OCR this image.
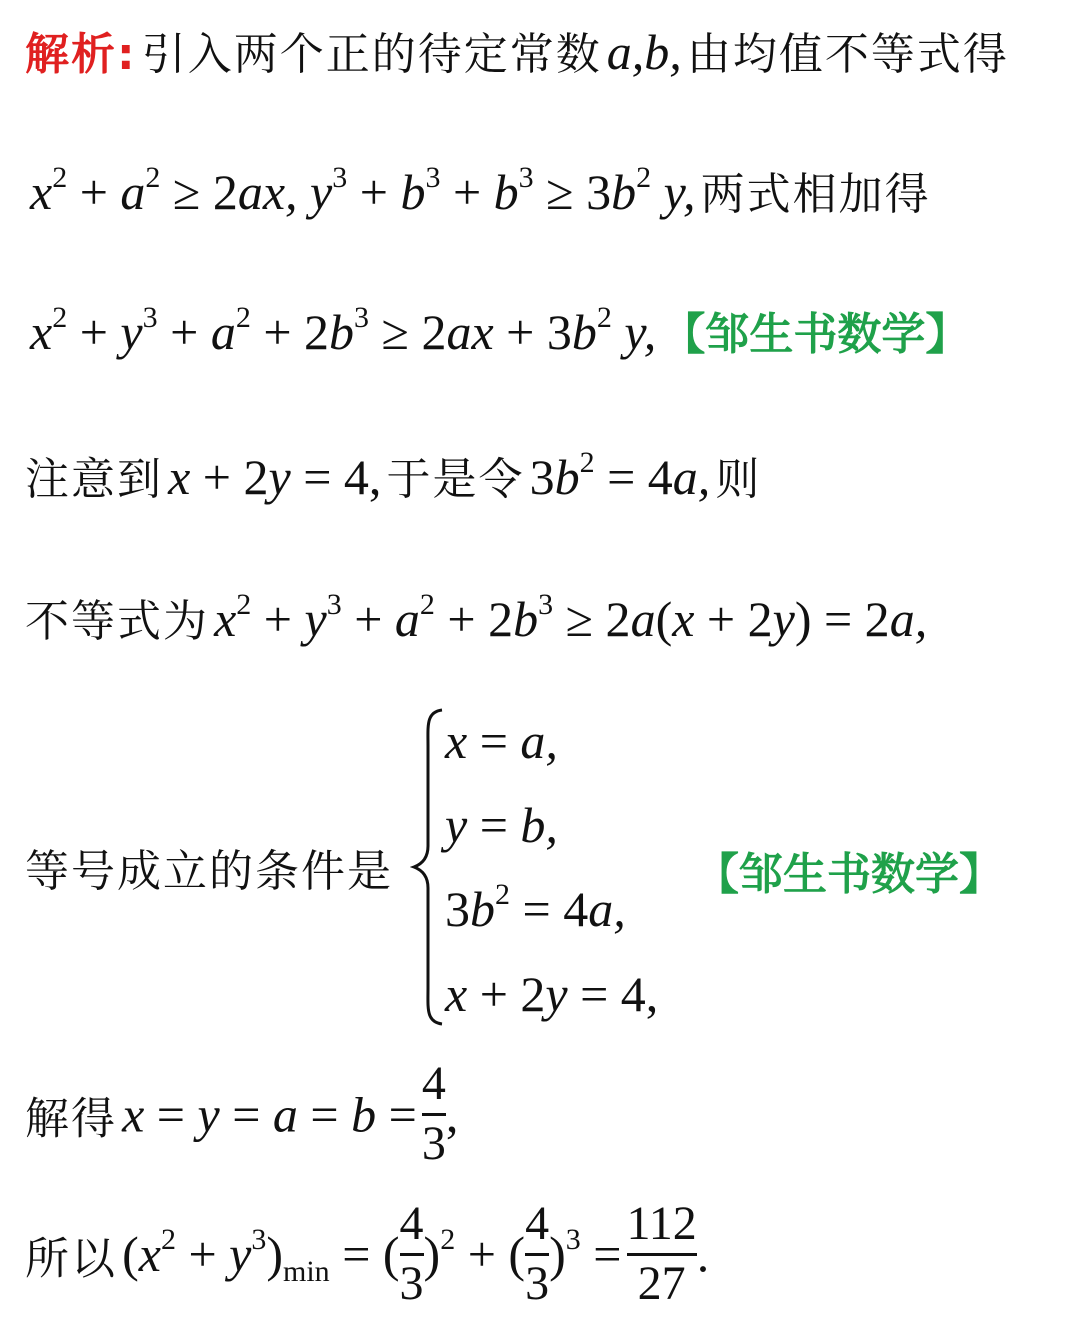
解析: 引入两个正的待定常数 a,b, 由均值不等式得
$x^2 + a^2 \ge 2ax$, $y^3 + b^3 + b^3 \ge 3b^2$ y, 两式相加得
$x^2 + y^3 + a^2 + 2b^3 \ge 2ax + 3b^2$ y, 【邹生书数学】
注意到 x + 2y = 4, 于是令 $3b^2 = 4a$, 则
不等式为 $x^2 + y^3 + a^2 + 2b^3 \ge 2a(x + 2y) = 2a$,
等号成立的条件是
x = a,
y = b,
$3b^2 = 4a$,
x + 2y = 4,
【邹生书数学】
解得 $x = y = a = b = \frac{4}{3}$ ,
所以 $(x^2 + y^3)_{min}$ = ( $\frac{4}{3} )^2$ + ( $\frac{4}{3} )^3 = \frac{112}{27}$ .
